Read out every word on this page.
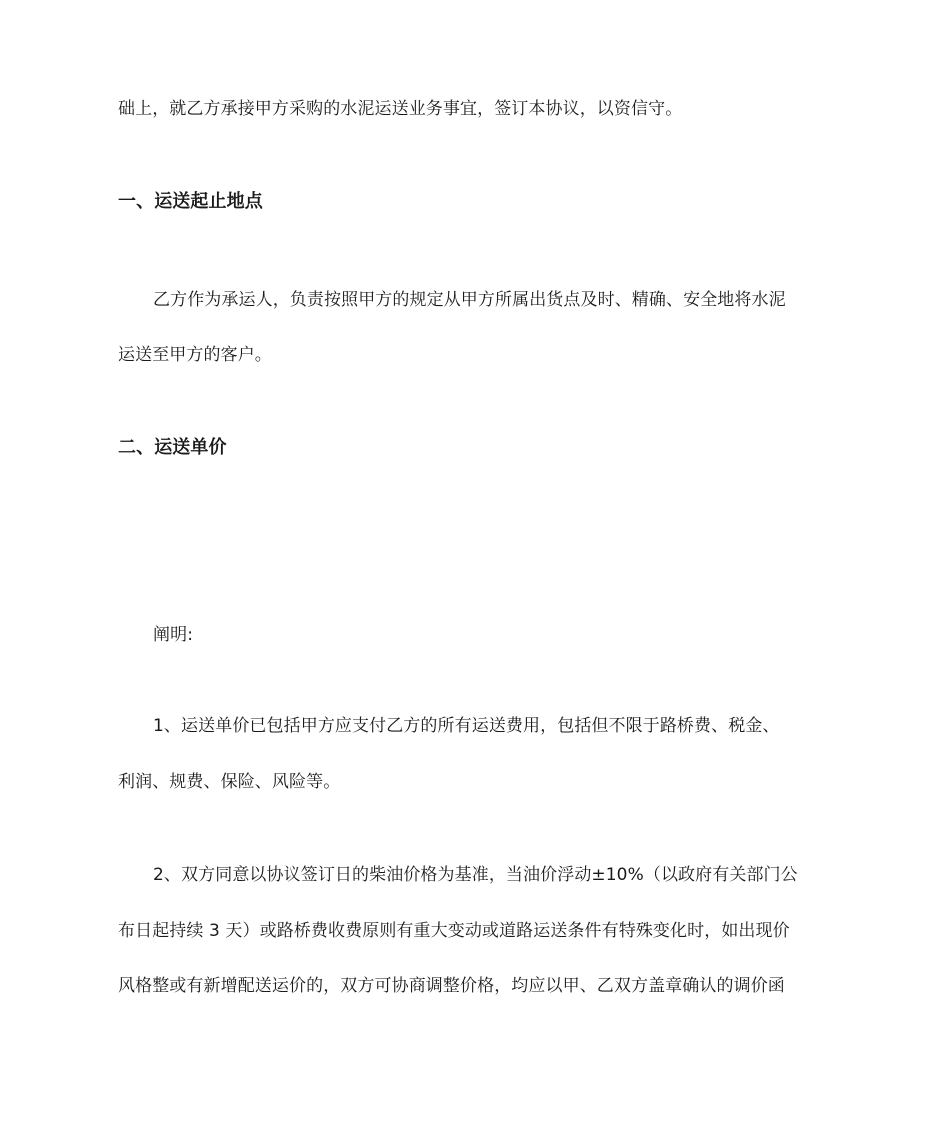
础上，就乙方承接甲方采购的水泥运送业务事宜，签订本协议，以资信守。
一、运送起止地点
乙方作为承运人，负责按照甲方的规定从甲方所属出货点及时、精确、安全地将水泥
运送至甲方的客户。
二、运送单价
阐明:
1、运送单价已包括甲方应支付乙方的所有运送费用，包括但不限于路桥费、税金、
利润、规费、保险、风险等。
2、双方同意以协议签订日的柴油价格为基准，当油价浮动±10%（以政府有关部门公
布日起持续 3 天）或路桥费收费原则有重大变动或道路运送条件有特殊变化时，如出现价
风格整或有新增配送运价的，双方可协商调整价格，均应以甲、乙双方盖章确认的调价函
